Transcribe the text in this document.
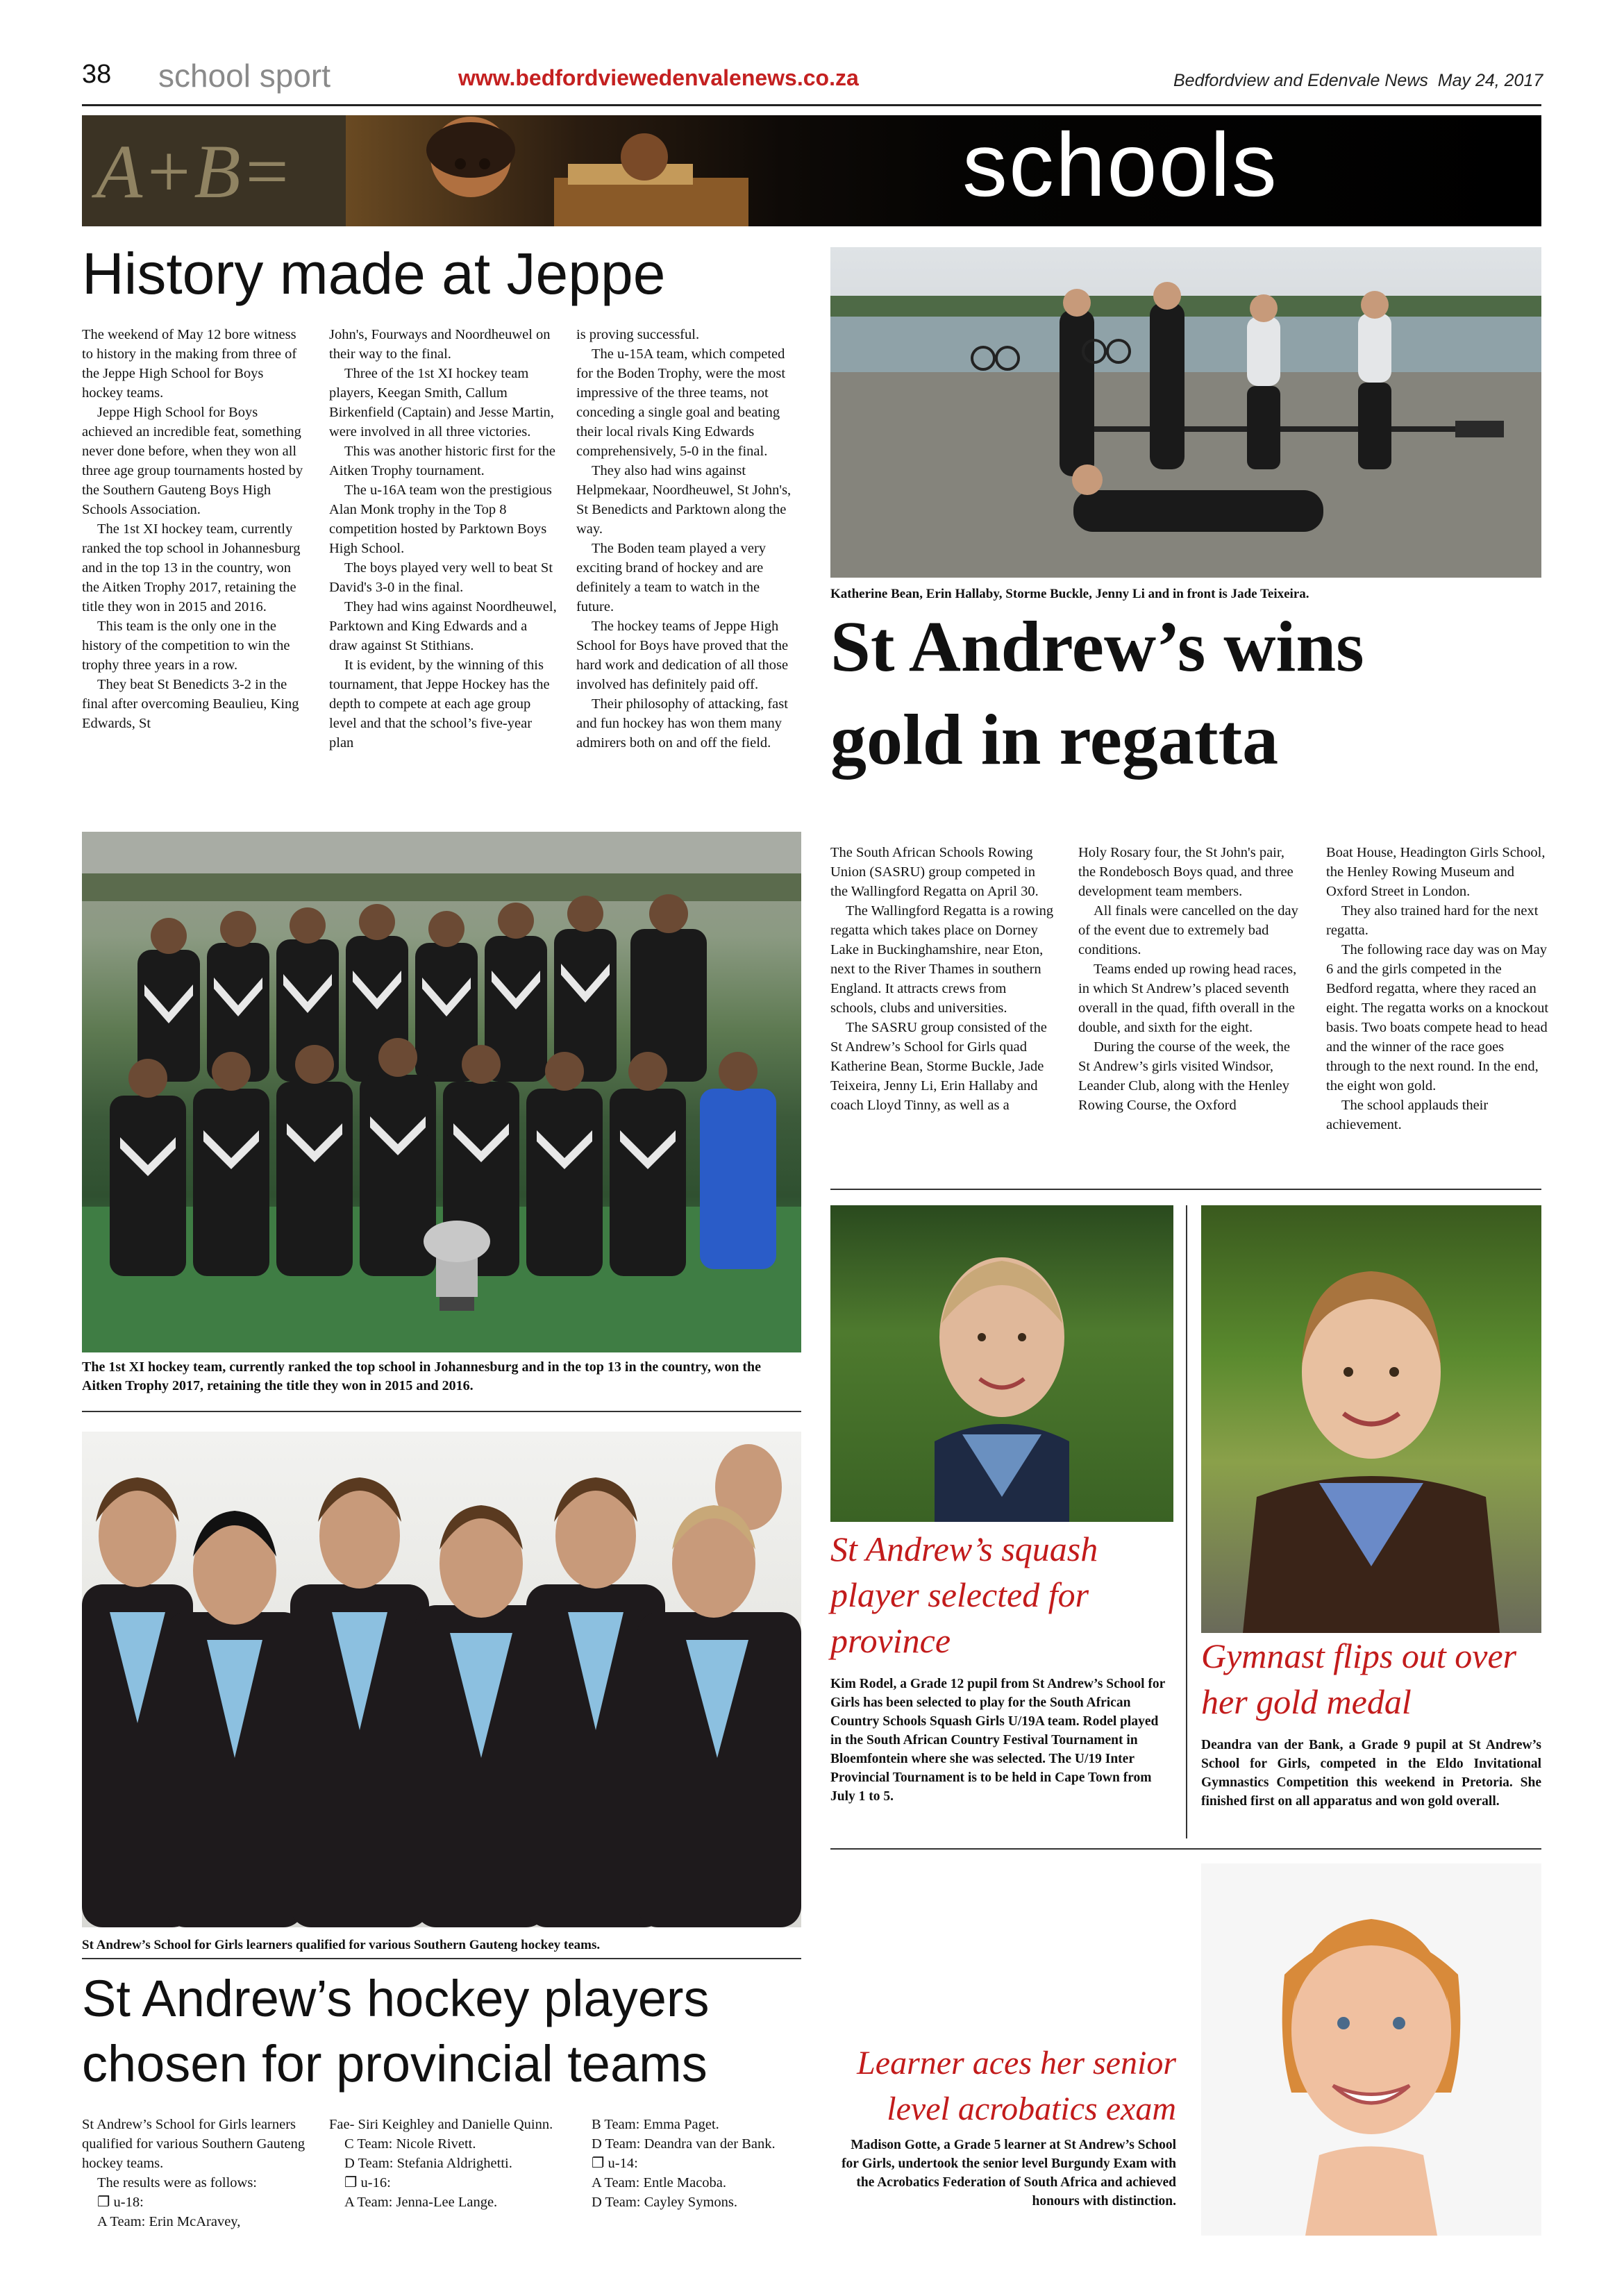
38 school sport	www.bedfordviewedenvalenews.co.za	Bedfordview and Edenvale News  May 24, 2017
A+B=	schools
History made at Jeppe

The weekend of May 12 bore witness to history in the making from three of the Jeppe High School for Boys hockey teams.

Jeppe High School for Boys achieved an incredible feat, something never done before, when they won all three age group tournaments hosted by the Southern Gauteng Boys High Schools Association.

The 1st XI hockey team, currently ranked the top school in Johannesburg and in the top 13 in the country, won the Aitken Trophy 2017, retaining the title they won in 2015 and 2016.

This team is the only one in the history of the competition to win the trophy three years in a row.

They beat St Benedicts 3-2 in the final after overcoming Beaulieu, King Edwards, St

John's, Fourways and Noordheuwel on their way to the final.

Three of the 1st XI hockey team players, Keegan Smith, Callum Birkenfield (Captain) and Jesse Martin, were involved in all three victories.

This was another historic first for the Aitken Trophy tournament.

The u-16A team won the prestigious Alan Monk trophy in the Top 8 competition hosted by Parktown Boys High School.

The boys played very well to beat St David's 3-0 in the final.

They had wins against Noordheuwel, Parktown and King Edwards and a draw against St Stithians.

It is evident, by the winning of this tournament, that Jeppe Hockey has the depth to compete at each age group level and that the school’s five-year plan

is proving successful.

The u-15A team, which competed for the Boden Trophy, were the most impressive of the three teams, not conceding a single goal and beating their local rivals King Edwards comprehensively, 5-0 in the final.

They also had wins against Helpmekaar, Noordheuwel, St John's, St Benedicts and Parktown along the way.

The Boden team played a very exciting brand of hockey and are definitely a team to watch in the future.

The hockey teams of Jeppe High School for Boys have proved that the hard work and dedication of all those involved has definitely paid off.

Their philosophy of attacking, fast and fun hockey has won them many admirers both on and off the field.

The 1st XI hockey team, currently ranked the top school in Johannesburg and in the top 13 in the country, won the Aitken Trophy 2017, retaining the title they won in 2015 and 2016.
Katherine Bean, Erin Hallaby, Storme Buckle, Jenny Li and in front is Jade Teixeira.
St Andrew’s wins
gold in regatta

The South African Schools Rowing Union (SASRU) group competed in the Wallingford Regatta on April 30.

The Wallingford Regatta is a rowing regatta which takes place on Dorney Lake in Buckinghamshire, near Eton, next to the River Thames in southern England. It attracts crews from schools, clubs and universities.

The SASRU group consisted of the St Andrew’s School for Girls quad Katherine Bean, Storme Buckle, Jade Teixeira, Jenny Li, Erin Hallaby and coach Lloyd Tinny, as well as a

Holy Rosary four, the St John's pair, the Rondebosch Boys quad, and three development team members.

All finals were cancelled on the day of the event due to extremely bad conditions.

Teams ended up rowing head races, in which St Andrew’s placed seventh overall in the quad, fifth overall in the double, and sixth for the eight.

During the course of the week, the St Andrew’s girls visited Windsor, Leander Club, along with the Henley Rowing Course, the Oxford

Boat House, Headington Girls School, the Henley Rowing Museum and Oxford Street in London.

They also trained hard for the next regatta.

The following race day was on May 6 and the girls competed in the Bedford regatta, where they raced an eight. The regatta works on a knockout basis. Two boats compete head to head and the winner of the race goes through to the next round. In the end, the eight won gold.

The school applauds their achievement.

St Andrew’s squash player selected for province
Kim Rodel, a Grade 12 pupil from St Andrew’s School for Girls has been selected to play for the South African Country Schools Squash Girls U/19A team. Rodel played in the South African Country Festival Tournament in Bloemfontein where she was selected. The U/19 Inter Provincial Tournament is to be held in Cape Town from July 1 to 5.
Gymnast flips out over her gold medal
Deandra van der Bank, a Grade 9 pupil at St Andrew’s School for Girls, competed in the Eldo Invitational Gymnastics Competition this weekend in Pretoria. She finished first on all apparatus and won gold overall.
St Andrew’s School for Girls learners qualified for various Southern Gauteng hockey teams.
St Andrew’s hockey players
chosen for provincial teams

St Andrew’s School for Girls learners qualified for various Southern Gauteng hockey teams.

The results were as follows:

❐ u-18:

A Team: Erin McAravey,

Fae- Siri Keighley and Danielle Quinn.

C Team: Nicole Rivett.

D Team: Stefania Aldrighetti.

❐ u-16:

A Team: Jenna-Lee Lange.

B Team: Emma Paget.

D Team: Deandra van der Bank.

❐ u-14:

A Team: Entle Macoba.

D Team: Cayley Symons.

Learner aces her senior
level acrobatics exam
Madison Gotte, a Grade 5 learner at St Andrew’s School for Girls, undertook the senior level Burgundy Exam with the Acrobatics Federation of South Africa and achieved honours with distinction.
